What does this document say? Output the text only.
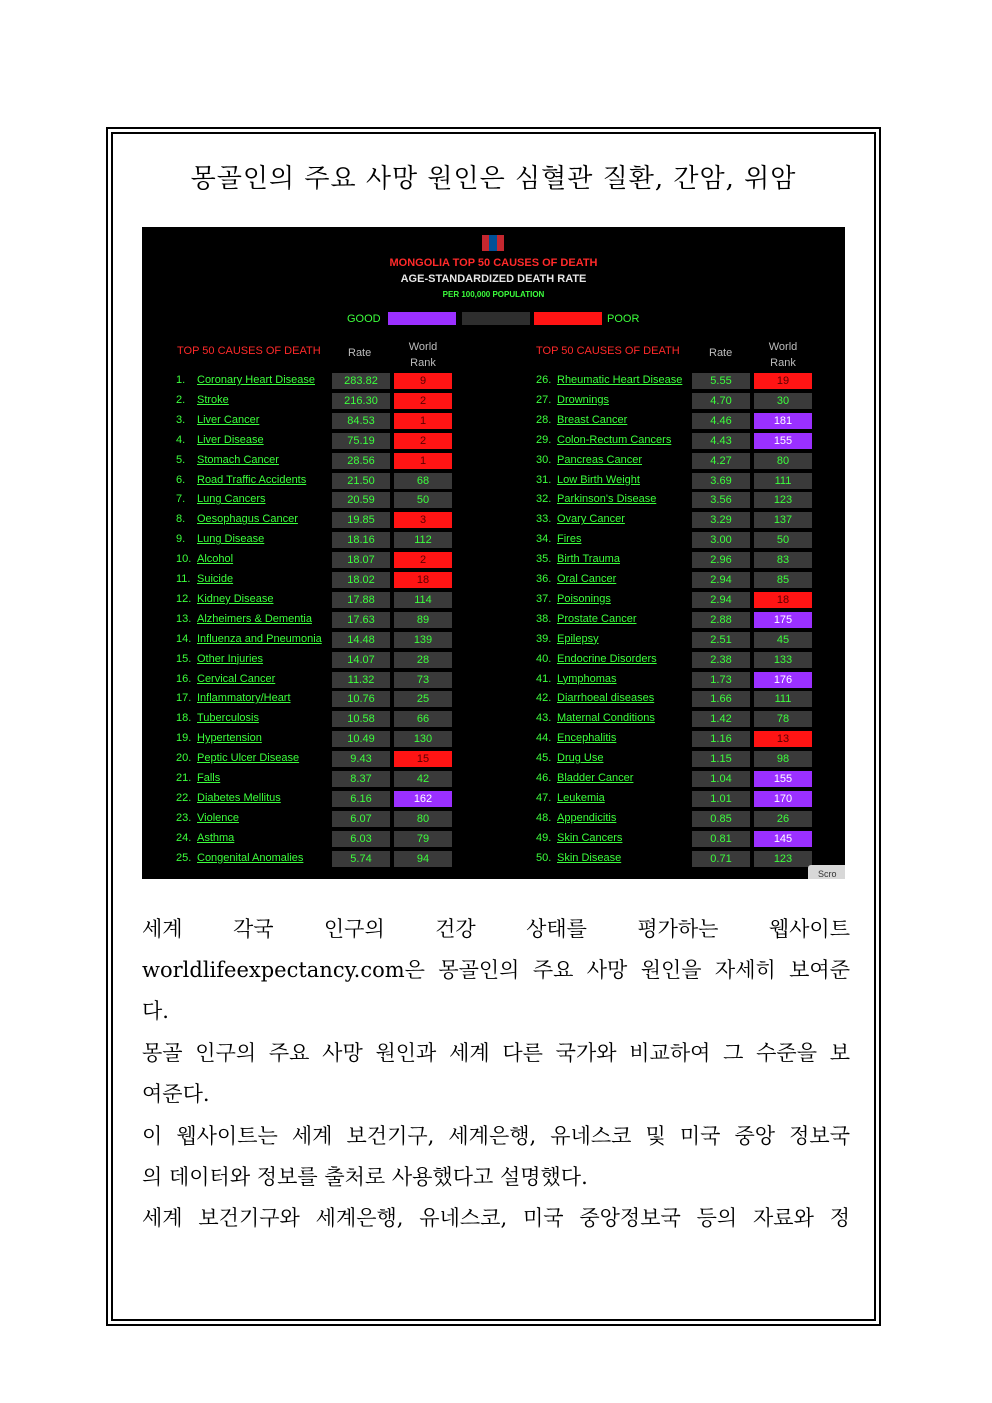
몽골인의 주요 사망 원인은 심혈관 질환, 간암, 위암
MONGOLIA TOP 50 CAUSES OF DEATH
AGE-STANDARDIZED DEATH RATE
PER 100,000 POPULATION
GOOD	POOR
TOP 50 CAUSES OF DEATH Rate	World
Rank
TOP 50 CAUSES OF DEATH	Rate	World
Rank
1. Coronary Heart Disease	283.82	9
2. Stroke	216.30	2
3. Liver Cancer	84.53	1
4. Liver Disease	75.19	2
5. Stomach Cancer	28.56	1
6. Road Traffic Accidents	21.50	68
7. Lung Cancers	20.59	50
8. Oesophagus Cancer	19.85	3
9. Lung Disease	18.16	112
10. Alcohol	18.07	2
11. Suicide	18.02	18
12. Kidney Disease	17.88	114
13. Alzheimers & Dementia	17.63	89
14. Influenza and Pneumonia	14.48	139
15. Other Injuries	14.07	28
16. Cervical Cancer	11.32	73
17. Inflammatory/Heart	10.76	25
18. Tuberculosis	10.58	66
19. Hypertension	10.49	130
20. Peptic Ulcer Disease	9.43	15
21. Falls	8.37	42
22. Diabetes Mellitus	6.16	162
23. Violence	6.07	80
24. Asthma	6.03	79
25. Congenital Anomalies	5.74	94
26. Rheumatic Heart Disease	5.55	19
27. Drownings	4.70	30
28. Breast Cancer	4.46	181
29. Colon-Rectum Cancers	4.43	155
30. Pancreas Cancer	4.27	80
31. Low Birth Weight	3.69	111
32. Parkinson's Disease	3.56	123
33. Ovary Cancer	3.29	137
34. Fires	3.00	50
35. Birth Trauma	2.96	83
36. Oral Cancer	2.94	85
37. Poisonings	2.94	18
38. Prostate Cancer	2.88	175
39. Epilepsy	2.51	45
40. Endocrine Disorders	2.38	133
41. Lymphomas	1.73	176
42. Diarrhoeal diseases	1.66	111
43. Maternal Conditions	1.42	78
44. Encephalitis	1.16	13
45. Drug Use	1.15	98
46. Bladder Cancer	1.04	155
47. Leukemia	1.01	170
48. Appendicitis	0.85	26
49. Skin Cancers	0.81	145
50. Skin Disease	0.71	123
Scro
세계 각국 인구의 건강 상태를 평가하는 웹사이트
worldlifeexpectancy.com은 몽골인의 주요 사망 원인을 자세히 보여준
다.
몽골 인구의 주요 사망 원인과 세계 다른 국가와 비교하여 그 수준을 보
여준다.
이 웹사이트는 세계 보건기구, 세계은행, 유네스코 및 미국 중앙 정보국
의 데이터와 정보를 출처로 사용했다고 설명했다.
세계 보건기구와 세계은행, 유네스코, 미국 중앙정보국 등의 자료와 정
